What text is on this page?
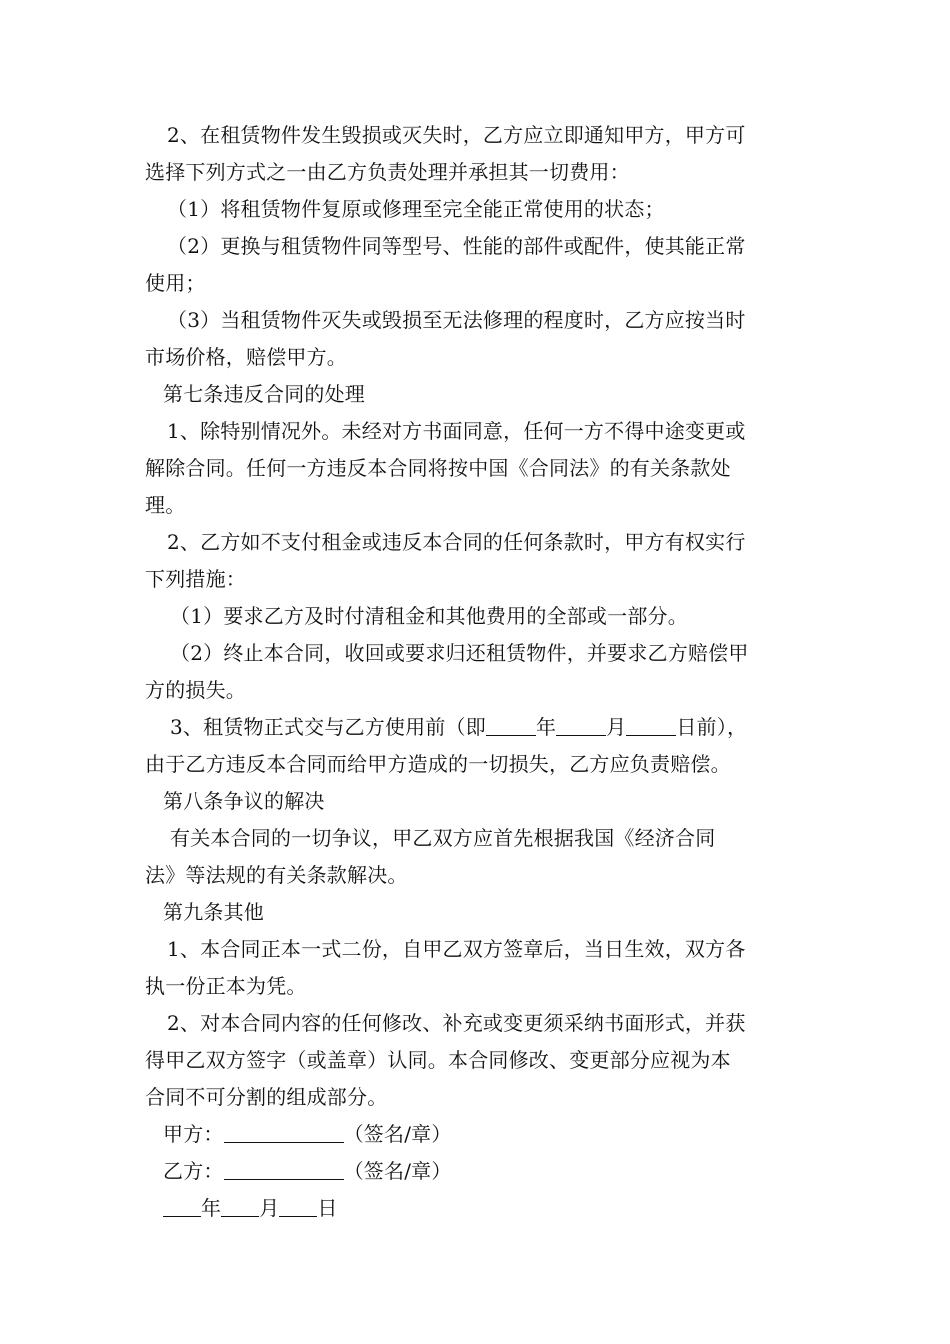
2、在租赁物件发生毁损或灭失时，乙方应立即通知甲方，甲方可
选择下列方式之一由乙方负责处理并承担其一切费用：
（1）将租赁物件复原或修理至完全能正常使用的状态；
（2）更换与租赁物件同等型号、性能的部件或配件，使其能正常
使用；
（3）当租赁物件灭失或毁损至无法修理的程度时，乙方应按当时
市场价格，赔偿甲方。
第七条违反合同的处理
1、除特别情况外。未经对方书面同意，任何一方不得中途变更或
解除合同。任何一方违反本合同将按中国《合同法》的有关条款处
理。
2、乙方如不支付租金或违反本合同的任何条款时，甲方有权实行
下列措施：
（1）要求乙方及时付清租金和其他费用的全部或一部分。
（2）终止本合同，收回或要求归还租赁物件，并要求乙方赔偿甲
方的损失。
3、租赁物正式交与乙方使用前（即	年	月	日前），
由于乙方违反本合同而给甲方造成的一切损失，乙方应负责赔偿。
第八条争议的解决
有关本合同的一切争议，甲乙双方应首先根据我国《经济合同
法》等法规的有关条款解决。
第九条其他
1、本合同正本一式二份，自甲乙双方签章后，当日生效，双方各
执一份正本为凭。
2、对本合同内容的任何修改、补充或变更须采纳书面形式，并获
得甲乙双方签字（或盖章）认同。本合同修改、变更部分应视为本
合同不可分割的组成部分。
甲方：	（签名/章）
乙方：	（签名/章）
年 月 日
